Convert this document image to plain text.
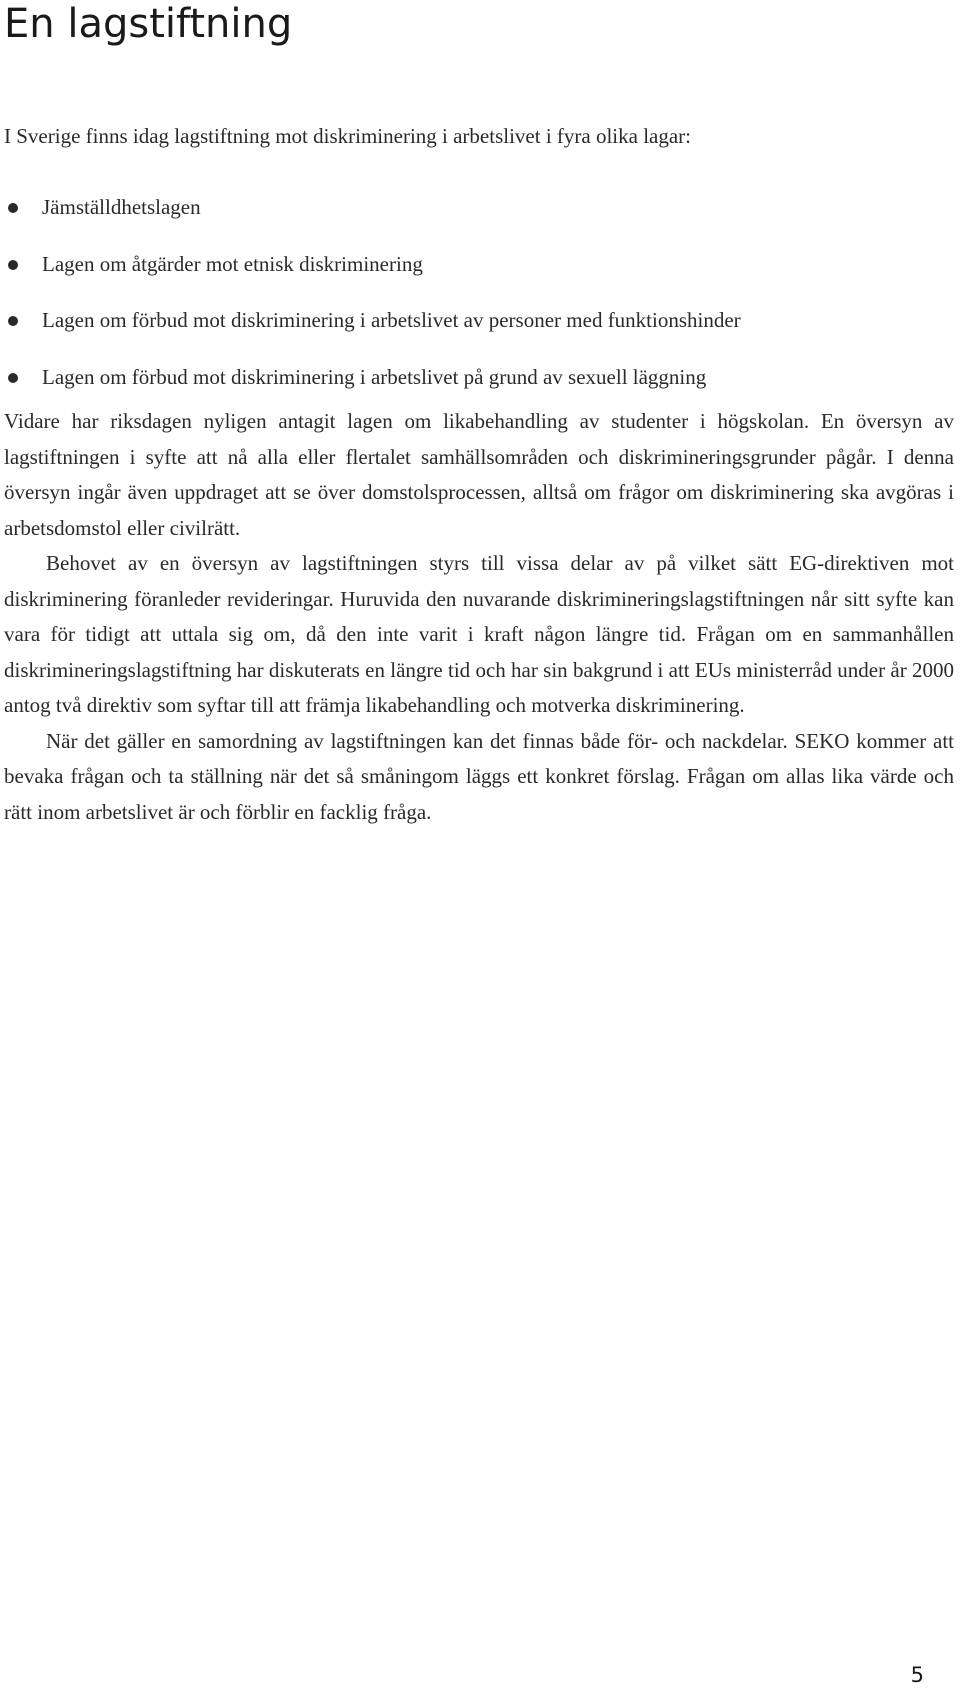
En lagstiftning

I Sverige finns idag lagstiftning mot diskriminering i arbetslivet i fyra olika lagar:

Jämställdhetslagen
Lagen om åtgärder mot etnisk diskriminering
Lagen om förbud mot diskriminering i arbetslivet av personer med funktionshinder
Lagen om förbud mot diskriminering i arbetslivet på grund av sexuell läggning

Vidare har riksdagen nyligen antagit lagen om likabehandling av studenter i högskolan. En översyn av lagstiftningen i syfte att nå alla eller flertalet samhällsområden och diskrimineringsgrunder pågår. I denna översyn ingår även uppdraget att se över domstolsprocessen, alltså om frågor om diskriminering ska avgöras i arbetsdomstol eller civilrätt.

Behovet av en översyn av lagstiftningen styrs till vissa delar av på vilket sätt EG-direktiven mot diskriminering föranleder revideringar. Huruvida den nuvarande diskrimineringslagstiftningen når sitt syfte kan vara för tidigt att uttala sig om, då den inte varit i kraft någon längre tid. Frågan om en sammanhållen diskrimineringslagstiftning har diskuterats en längre tid och har sin bakgrund i att EUs ministerråd under år 2000 antog två direktiv som syftar till att främja likabehandling och motverka diskriminering.

När det gäller en samordning av lagstiftningen kan det finnas både för- och nackdelar. SEKO kommer att bevaka frågan och ta ställning när det så småningom läggs ett konkret förslag. Frågan om allas lika värde och rätt inom arbetslivet är och förblir en facklig fråga.

5
